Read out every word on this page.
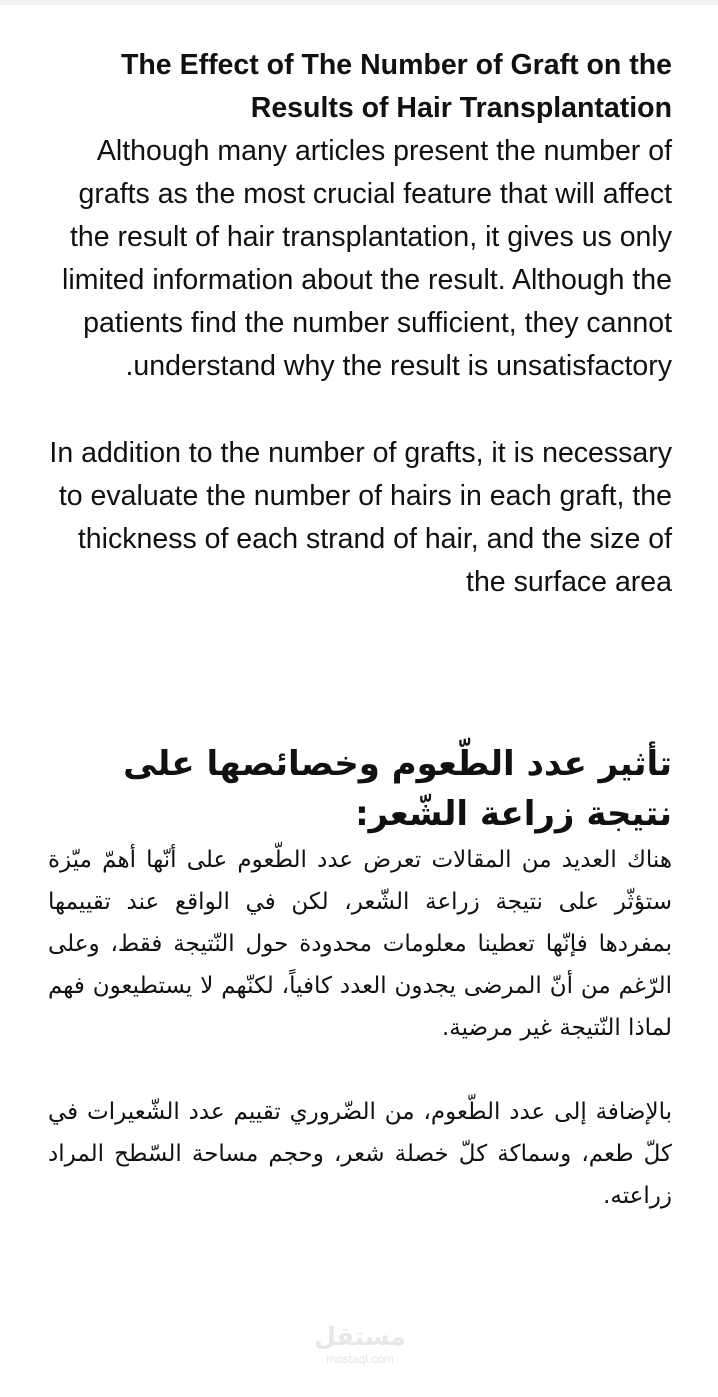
The Effect of The Number of Graft on the Results of Hair Transplantation

Although many articles present the number of grafts as the most crucial feature that will affect the result of hair transplantation, it gives us only limited information about the result. Although the patients find the number sufficient, they cannot understand why the result is unsatisfactory.

In addition to the number of grafts, it is necessary to evaluate the number of hairs in each graft, the thickness of each strand of hair, and the size of the surface area

تأثير عدد الطّعوم وخصائصها على نتيجة زراعة الشّعر:

هناك العديد من المقالات تعرض عدد الطّعوم على أنّها أهمّ ميّزة ستؤثّر على نتيجة زراعة الشّعر، لكن في الواقع عند تقييمها بمفردها فإنّها تعطينا معلومات محدودة حول النّتيجة فقط، وعلى الرّغم من أنّ المرضى يجدون العدد كافياً، لكنّهم لا يستطيعون فهم لماذا النّتيجة غير مرضية.

بالإضافة إلى عدد الطّعوم، من الضّروري تقييم عدد الشّعيرات في كلّ طعم، وسماكة كلّ خصلة شعر، وحجم مساحة السّطح المراد زراعته.

مستقل
mostaql.com
